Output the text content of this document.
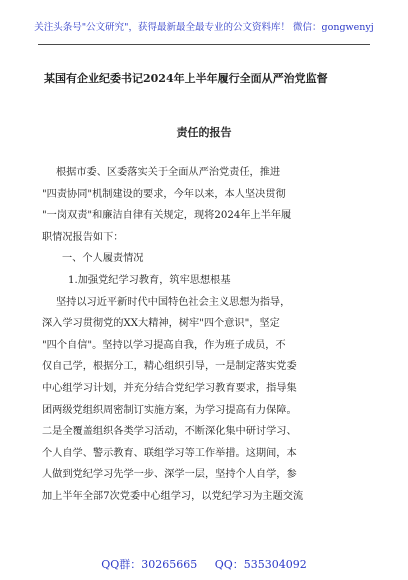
关注头条号"公文研究"，获得最新最全最专业的公文资料库！ 微信：gongwenyj
某国有企业纪委书记2024年上半年履行全面从严治党监督
责任的报告
根据市委、区委落实关于全面从严治党责任，推进
"四责协同"机制建设的要求，今年以来，本人坚决贯彻
"一岗双责"和廉洁自律有关规定，现将2024年上半年履
职情况报告如下：
一、个人履责情况
1.加强党纪学习教育，筑牢思想根基
坚持以习近平新时代中国特色社会主义思想为指导，
深入学习贯彻党的XX大精神，树牢"四个意识"，坚定
"四个自信"。坚持以学习提高自我，作为班子成员，不
仅自己学，根据分工，精心组织引导，一是制定落实党委
中心组学习计划，并充分结合党纪学习教育要求，指导集
团两级党组织周密制订实施方案，为学习提高有力保障。
二是全覆盖组织各类学习活动，不断深化集中研讨学习、
个人自学、警示教育、联组学习等工作举措。这期间，本
人做到党纪学习先学一步、深学一层，坚持个人自学，参
加上半年全部7次党委中心组学习，以党纪学习为主题交流
QQ群：30265665 QQ：535304092
